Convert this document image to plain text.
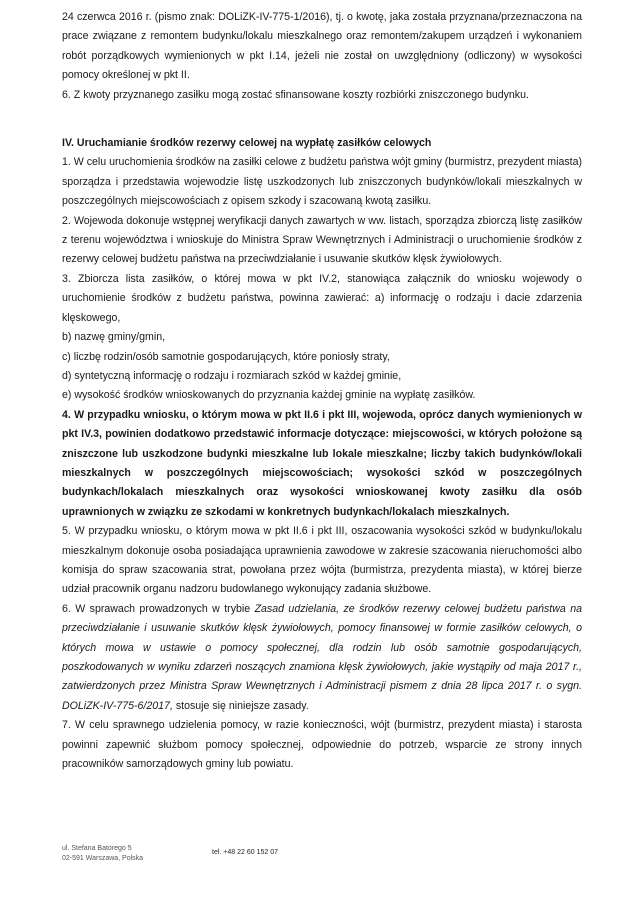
24 czerwca 2016 r. (pismo znak: DOLiZK-IV-775-1/2016), tj. o kwotę, jaka została przyznana/przeznaczona na prace związane z remontem budynku/lokalu mieszkalnego oraz remontem/zakupem urządzeń i wykonaniem robót porządkowych wymienionych w pkt I.14, jeżeli nie został on uwzględniony (odliczony) w wysokości pomocy określonej w pkt II.

6. Z kwoty przyznanego zasiłku mogą zostać sfinansowane koszty rozbiórki zniszczonego budynku.

IV. Uruchamianie środków rezerwy celowej na wypłatę zasiłków celowych

1. W celu uruchomienia środków na zasiłki celowe z budżetu państwa wójt gminy (burmistrz, prezydent miasta) sporządza i przedstawia wojewodzie listę uszkodzonych lub zniszczonych budynków/lokali mieszkalnych w poszczególnych miejscowościach z opisem szkody i szacowaną kwotą zasiłku.

2. Wojewoda dokonuje wstępnej weryfikacji danych zawartych w ww. listach, sporządza zbiorczą listę zasiłków z terenu województwa i wnioskuje do Ministra Spraw Wewnętrznych i Administracji o uruchomienie środków z rezerwy celowej budżetu państwa na przeciwdziałanie i usuwanie skutków klęsk żywiołowych.

3. Zbiorcza lista zasiłków, o której mowa w pkt IV.2, stanowiąca załącznik do wniosku wojewody o uruchomienie środków z budżetu państwa, powinna zawierać: a) informację o rodzaju i dacie zdarzenia klęskowego,

b) nazwę gminy/gmin,

c) liczbę rodzin/osób samotnie gospodarujących, które poniosły straty,

d) syntetyczną informację o rodzaju i rozmiarach szkód w każdej gminie,

e) wysokość środków wnioskowanych do przyznania każdej gminie na wypłatę zasiłków.

4. W przypadku wniosku, o którym mowa w pkt II.6 i pkt III, wojewoda, oprócz danych wymienionych w pkt IV.3, powinien dodatkowo przedstawić informacje dotyczące: miejscowości, w których położone są zniszczone lub uszkodzone budynki mieszkalne lub lokale mieszkalne; liczby takich budynków/lokali mieszkalnych w poszczególnych miejscowościach; wysokości szkód w poszczególnych budynkach/lokalach mieszkalnych oraz wysokości wnioskowanej kwoty zasiłku dla osób uprawnionych w związku ze szkodami w konkretnych budynkach/lokalach mieszkalnych.

5. W przypadku wniosku, o którym mowa w pkt II.6 i pkt III, oszacowania wysokości szkód w budynku/lokalu mieszkalnym dokonuje osoba posiadająca uprawnienia zawodowe w zakresie szacowania nieruchomości albo komisja do spraw szacowania strat, powołana przez wójta (burmistrza, prezydenta miasta), w której bierze udział pracownik organu nadzoru budowlanego wykonujący zadania służbowe.

6. W sprawach prowadzonych w trybie Zasad udzielania, ze środków rezerwy celowej budżetu państwa na przeciwdziałanie i usuwanie skutków klęsk żywiołowych, pomocy finansowej w formie zasiłków celowych, o których mowa w ustawie o pomocy społecznej, dla rodzin lub osób samotnie gospodarujących, poszkodowanych w wyniku zdarzeń noszących znamiona klęsk żywiołowych, jakie wystąpiły od maja 2017 r., zatwierdzonych przez Ministra Spraw Wewnętrznych i Administracji pismem z dnia 28 lipca 2017 r. o sygn. DOLiZK-IV-775-6/2017, stosuje się niniejsze zasady.

7. W celu sprawnego udzielenia pomocy, w razie konieczności, wójt (burmistrz, prezydent miasta) i starosta powinni zapewnić służbom pomocy społecznej, odpowiednie do potrzeb, wsparcie ze strony innych pracowników samorządowych gminy lub powiatu.

ul. Stefana Batorego 5
02-591 Warszawa, Polska
tel. +48 22 60 152 07
